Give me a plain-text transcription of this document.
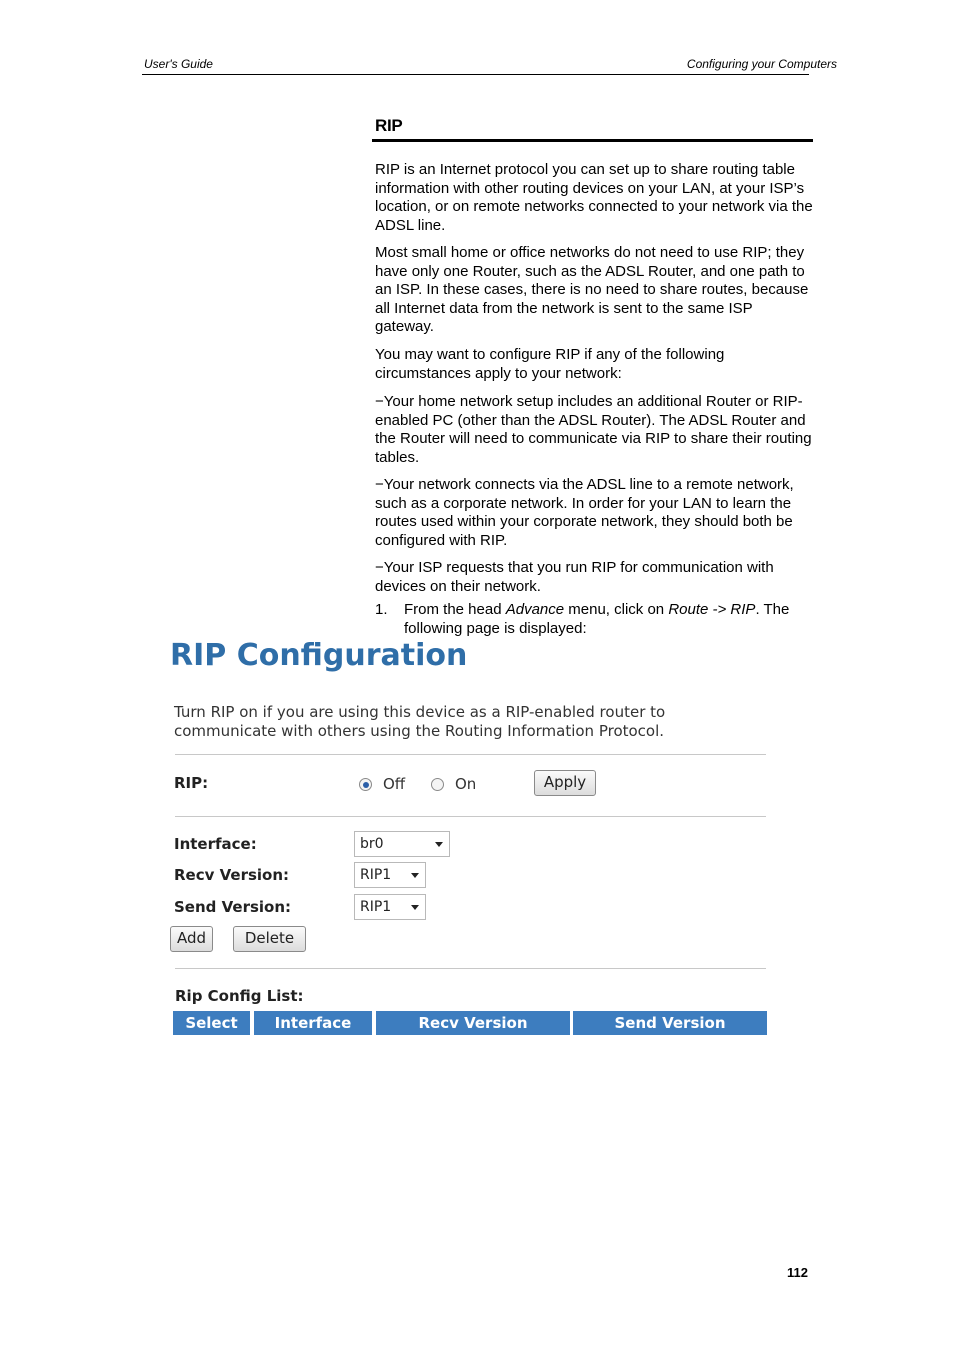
User's Guide	Configuring your Computers
RIP

RIP is an Internet protocol you can set up to share routing table information with other routing devices on your LAN, at your ISP’s location, or on remote networks connected to your network via the ADSL line.

Most small home or office networks do not need to use RIP; they have only one Router, such as the ADSL Router, and one path to an ISP. In these cases, there is no need to share routes, because all Internet data from the network is sent to the same ISP gateway.

You may want to configure RIP if any of the following circumstances apply to your network:

−Your home network setup includes an additional Router or RIP-enabled PC (other than the ADSL Router). The ADSL Router and the Router will need to communicate via RIP to share their routing tables.

−Your network connects via the ADSL line to a remote network, such as a corporate network. In order for your LAN to learn the routes used within your corporate network, they should both be configured with RIP.

−Your ISP requests that you run RIP for communication with devices on their network.

1. From the head Advance menu, click on Route -> RIP. The following page is displayed:
RIP Configuration
Turn RIP on if you are using this device as a RIP-enabled router to communicate with others using the Routing Information Protocol.
RIP:	Off	On	Apply
Interface:	br0
Recv Version:	RIP1
Send Version:	RIP1
Add	Delete
Rip Config List:
Select	Interface	Recv Version	Send Version
112
